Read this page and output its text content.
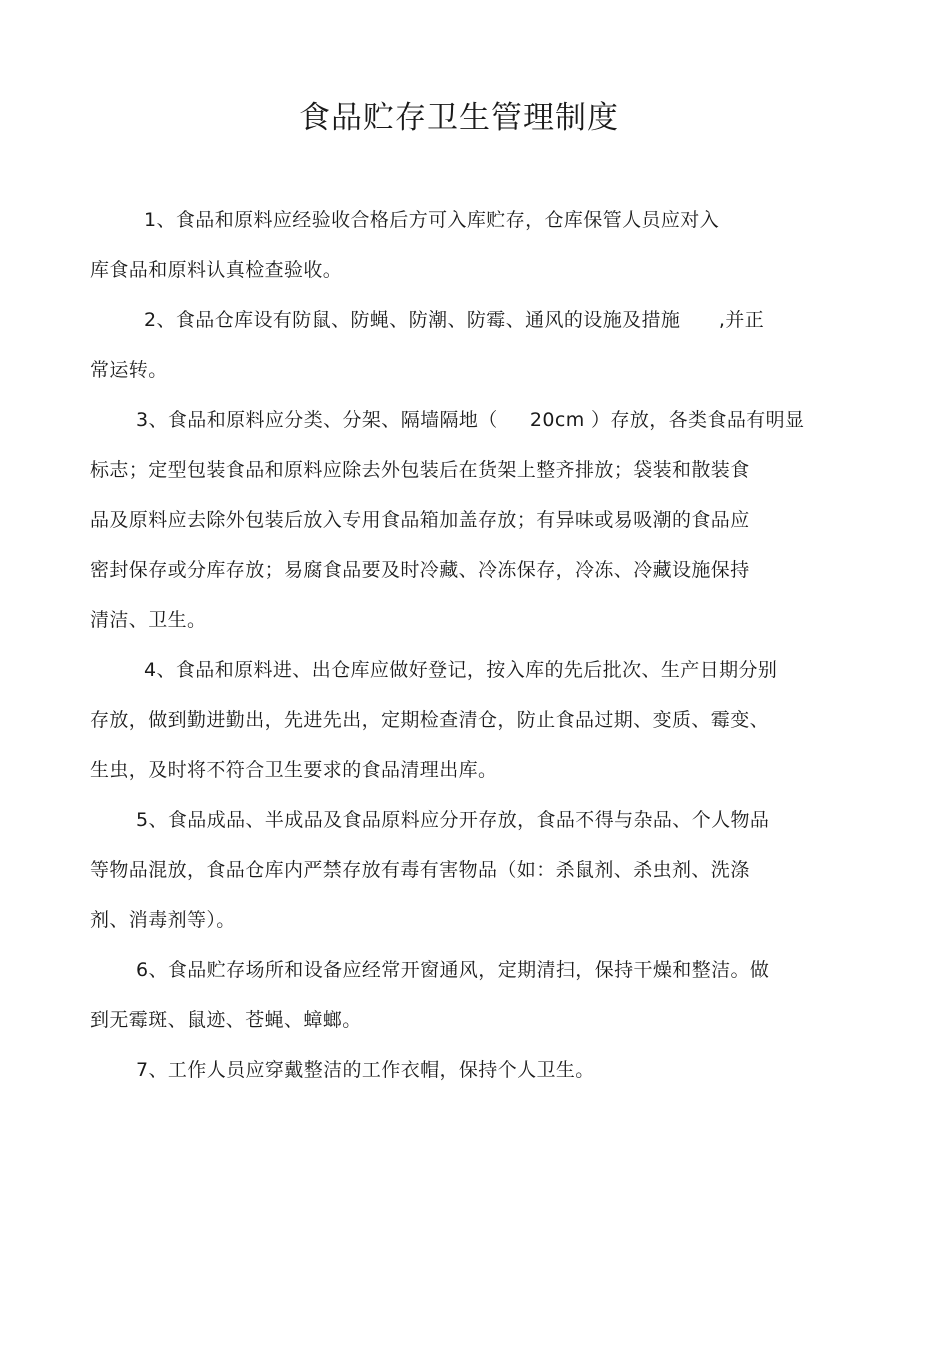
食品贮存卫生管理制度
1、食品和原料应经验收合格后方可入库贮存，仓库保管人员应对入
库食品和原料认真检查验收。
2、食品仓库设有防鼠、防蝇、防潮、防霉、通风的设施及措施      ,并正
常运转。
3、食品和原料应分类、分架、隔墙隔地（     20cm ）存放，各类食品有明显
标志；定型包装食品和原料应除去外包装后在货架上整齐排放；袋装和散装食
品及原料应去除外包装后放入专用食品箱加盖存放；有异味或易吸潮的食品应
密封保存或分库存放；易腐食品要及时冷藏、冷冻保存，冷冻、冷藏设施保持
清洁、卫生。
4、食品和原料进、出仓库应做好登记，按入库的先后批次、生产日期分别
存放，做到勤进勤出，先进先出，定期检查清仓，防止食品过期、变质、霉变、
生虫，及时将不符合卫生要求的食品清理出库。
5、食品成品、半成品及食品原料应分开存放，食品不得与杂品、个人物品
等物品混放，食品仓库内严禁存放有毒有害物品（如：杀鼠剂、杀虫剂、洗涤
剂、消毒剂等）。
6、食品贮存场所和设备应经常开窗通风，定期清扫，保持干燥和整洁。做
到无霉斑、鼠迹、苍蝇、蟑螂。
7、工作人员应穿戴整洁的工作衣帽，保持个人卫生。
